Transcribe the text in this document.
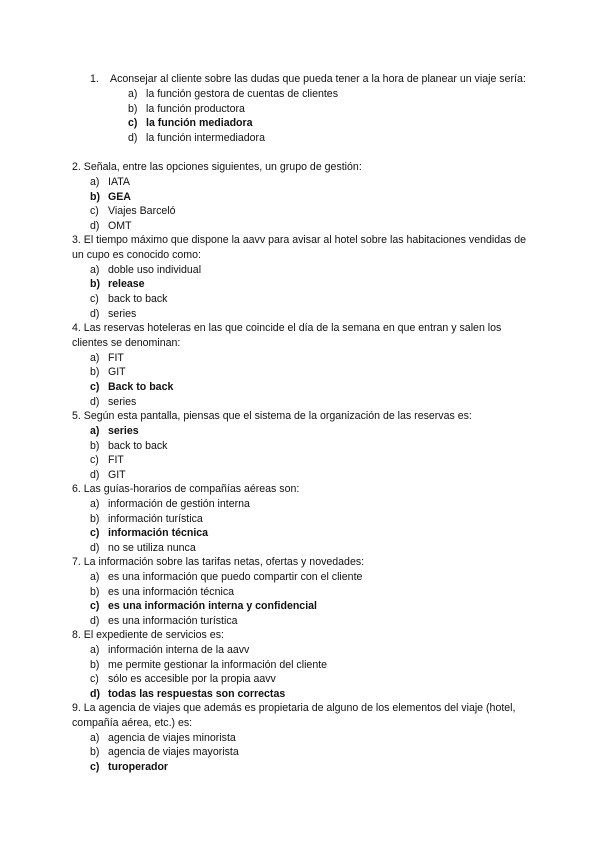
1. Aconsejar al cliente sobre las dudas que pueda tener a la hora de planear un viaje sería:
a) la función gestora de cuentas de clientes
b) la función productora
c) la función mediadora
d) la función intermediadora
2. Señala, entre las opciones siguientes, un grupo de gestión:
a) IATA
b) GEA
c) Viajes Barceló
d) OMT
3. El tiempo máximo que dispone la aavv para avisar al hotel sobre las habitaciones vendidas de un cupo es conocido como:
a) doble uso individual
b) release
c) back to back
d) series
4. Las reservas hoteleras en las que coincide el día de la semana en que entran y salen los clientes se denominan:
a) FIT
b) GIT
c) Back to back
d) series
5. Según esta pantalla, piensas que el sistema de la organización de las reservas es:
a) series
b) back to back
c) FIT
d) GIT
6. Las guías-horarios de compañías aéreas son:
a) información de gestión interna
b) información turística
c) información técnica
d) no se utiliza nunca
7. La información sobre las tarifas netas, ofertas y novedades:
a) es una información que puedo compartir con el cliente
b) es una información técnica
c) es una información interna y confidencial
d) es una información turística
8. El expediente de servicios es:
a) información interna de la aavv
b) me permite gestionar la información del cliente
c) sólo es accesible por la propia aavv
d) todas las respuestas son correctas
9. La agencia de viajes que además es propietaria de alguno de los elementos del viaje (hotel, compañía aérea, etc.) es:
a) agencia de viajes minorista
b) agencia de viajes mayorista
c) turoperador
